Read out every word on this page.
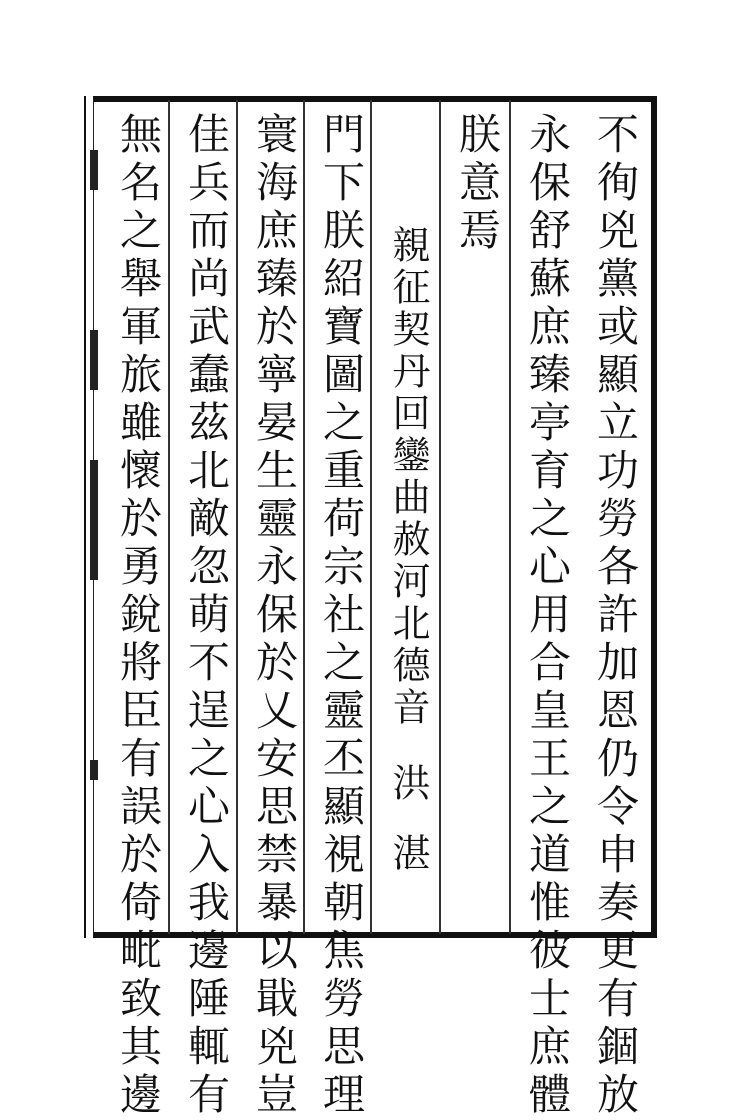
不徇兇黨或顯立功勞各許加恩仍令申奏更有錮放
永保舒蘇庶臻亭育之心用合皇王之道惟彼士庶體
朕意焉
親征契丹回鑾曲赦河北德音洪湛
門下朕紹寶圖之重荷宗社之靈丕顯視朝焦勞思理
寰海庶臻於寧晏生靈永保於乂安思禁暴以戢兇豈
佳兵而尚武蠢茲北敵忽萌不逞之心入我邊陲輒有
無名之舉軍旅雖懷於勇銳將臣有誤於倚毗致其邊
